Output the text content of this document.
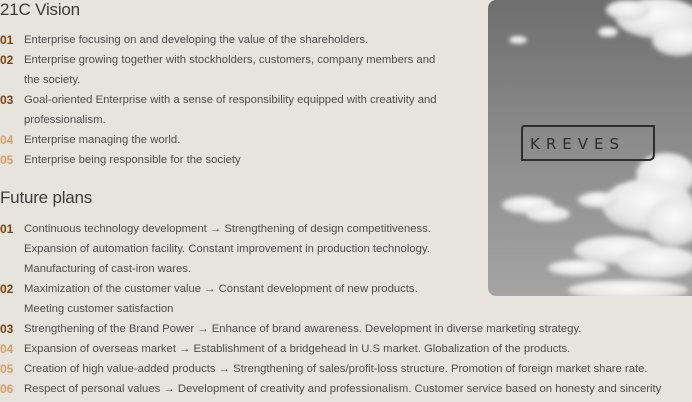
21C Vision
01 Enterprise focusing on and developing the value of the shareholders.
02 Enterprise growing together with stockholders, customers, company members and
the society.
03 Goal-oriented Enterprise with a sense of responsibility equipped with creativity and
professionalism.
04 Enterprise managing the world.
05 Enterprise being responsible for the society
Future plans
01 Continuous technology development → Strengthening of design competitiveness.
Expansion of automation facility. Constant improvement in production technology.
Manufacturing of cast-iron wares.
02 Maximization of the customer value → Constant development of new products.
Meeting customer satisfaction
03 Strengthening of the Brand Power → Enhance of brand awareness. Development in diverse marketing strategy.
04 Expansion of overseas market → Establishment of a bridgehead in U.S market. Globalization of the products.
05 Creation of high value-added products → Strengthening of sales/profit-loss structure. Promotion of foreign market share rate.
06 Respect of personal values → Development of creativity and professionalism. Customer service based on honesty and sincerity
KREVES
